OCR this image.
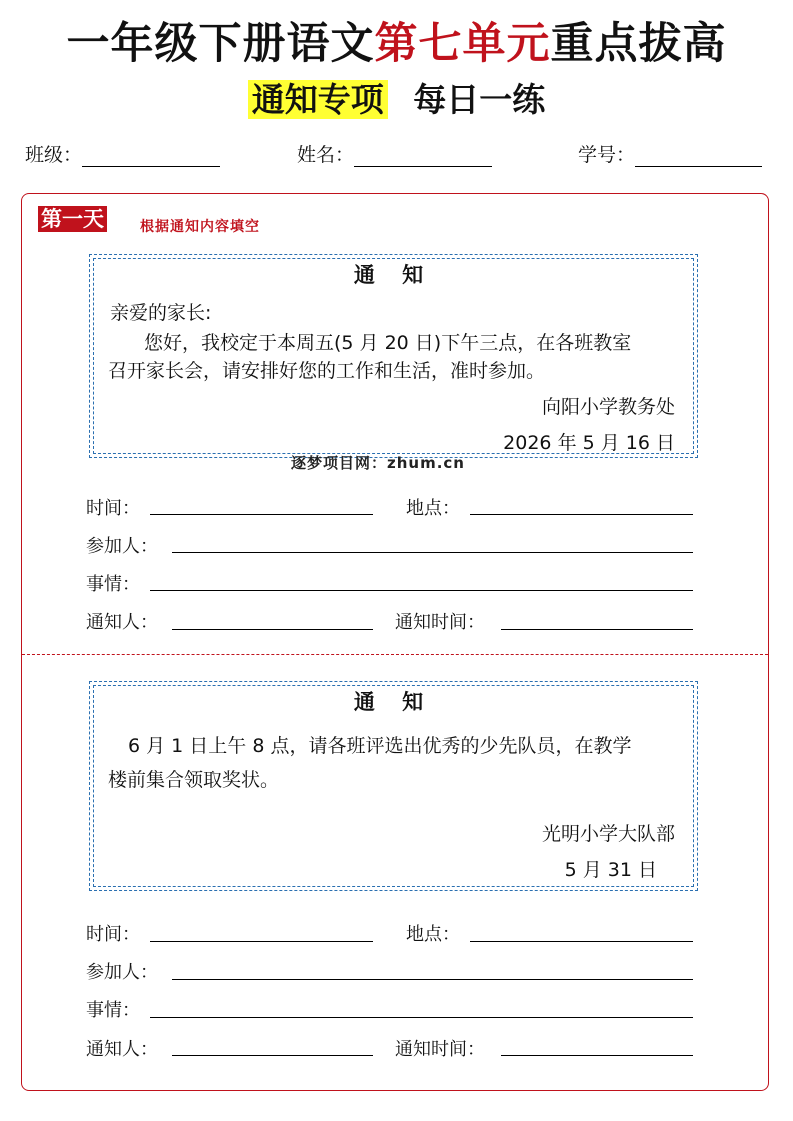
一年级下册语文第七单元重点拔高
通知专项 每日一练
班级：	姓名：	学号：
第一天	根据通知内容填空
通 知
亲爱的家长:
您好，我校定于本周五(5 月 20 日)下午三点，在各班教室
召开家长会，请安排好您的工作和生活，准时参加。
向阳小学教务处
2026 年 5 月 16 日
逐梦项目网：zhum.cn
时间：	地点：
参加人：
事情：
通知人：	通知时间：
通 知
6 月 1 日上午 8 点，请各班评选出优秀的少先队员，在教学
楼前集合领取奖状。
光明小学大队部
5 月 31 日
时间：	地点：
参加人：
事情：
通知人：	通知时间：
